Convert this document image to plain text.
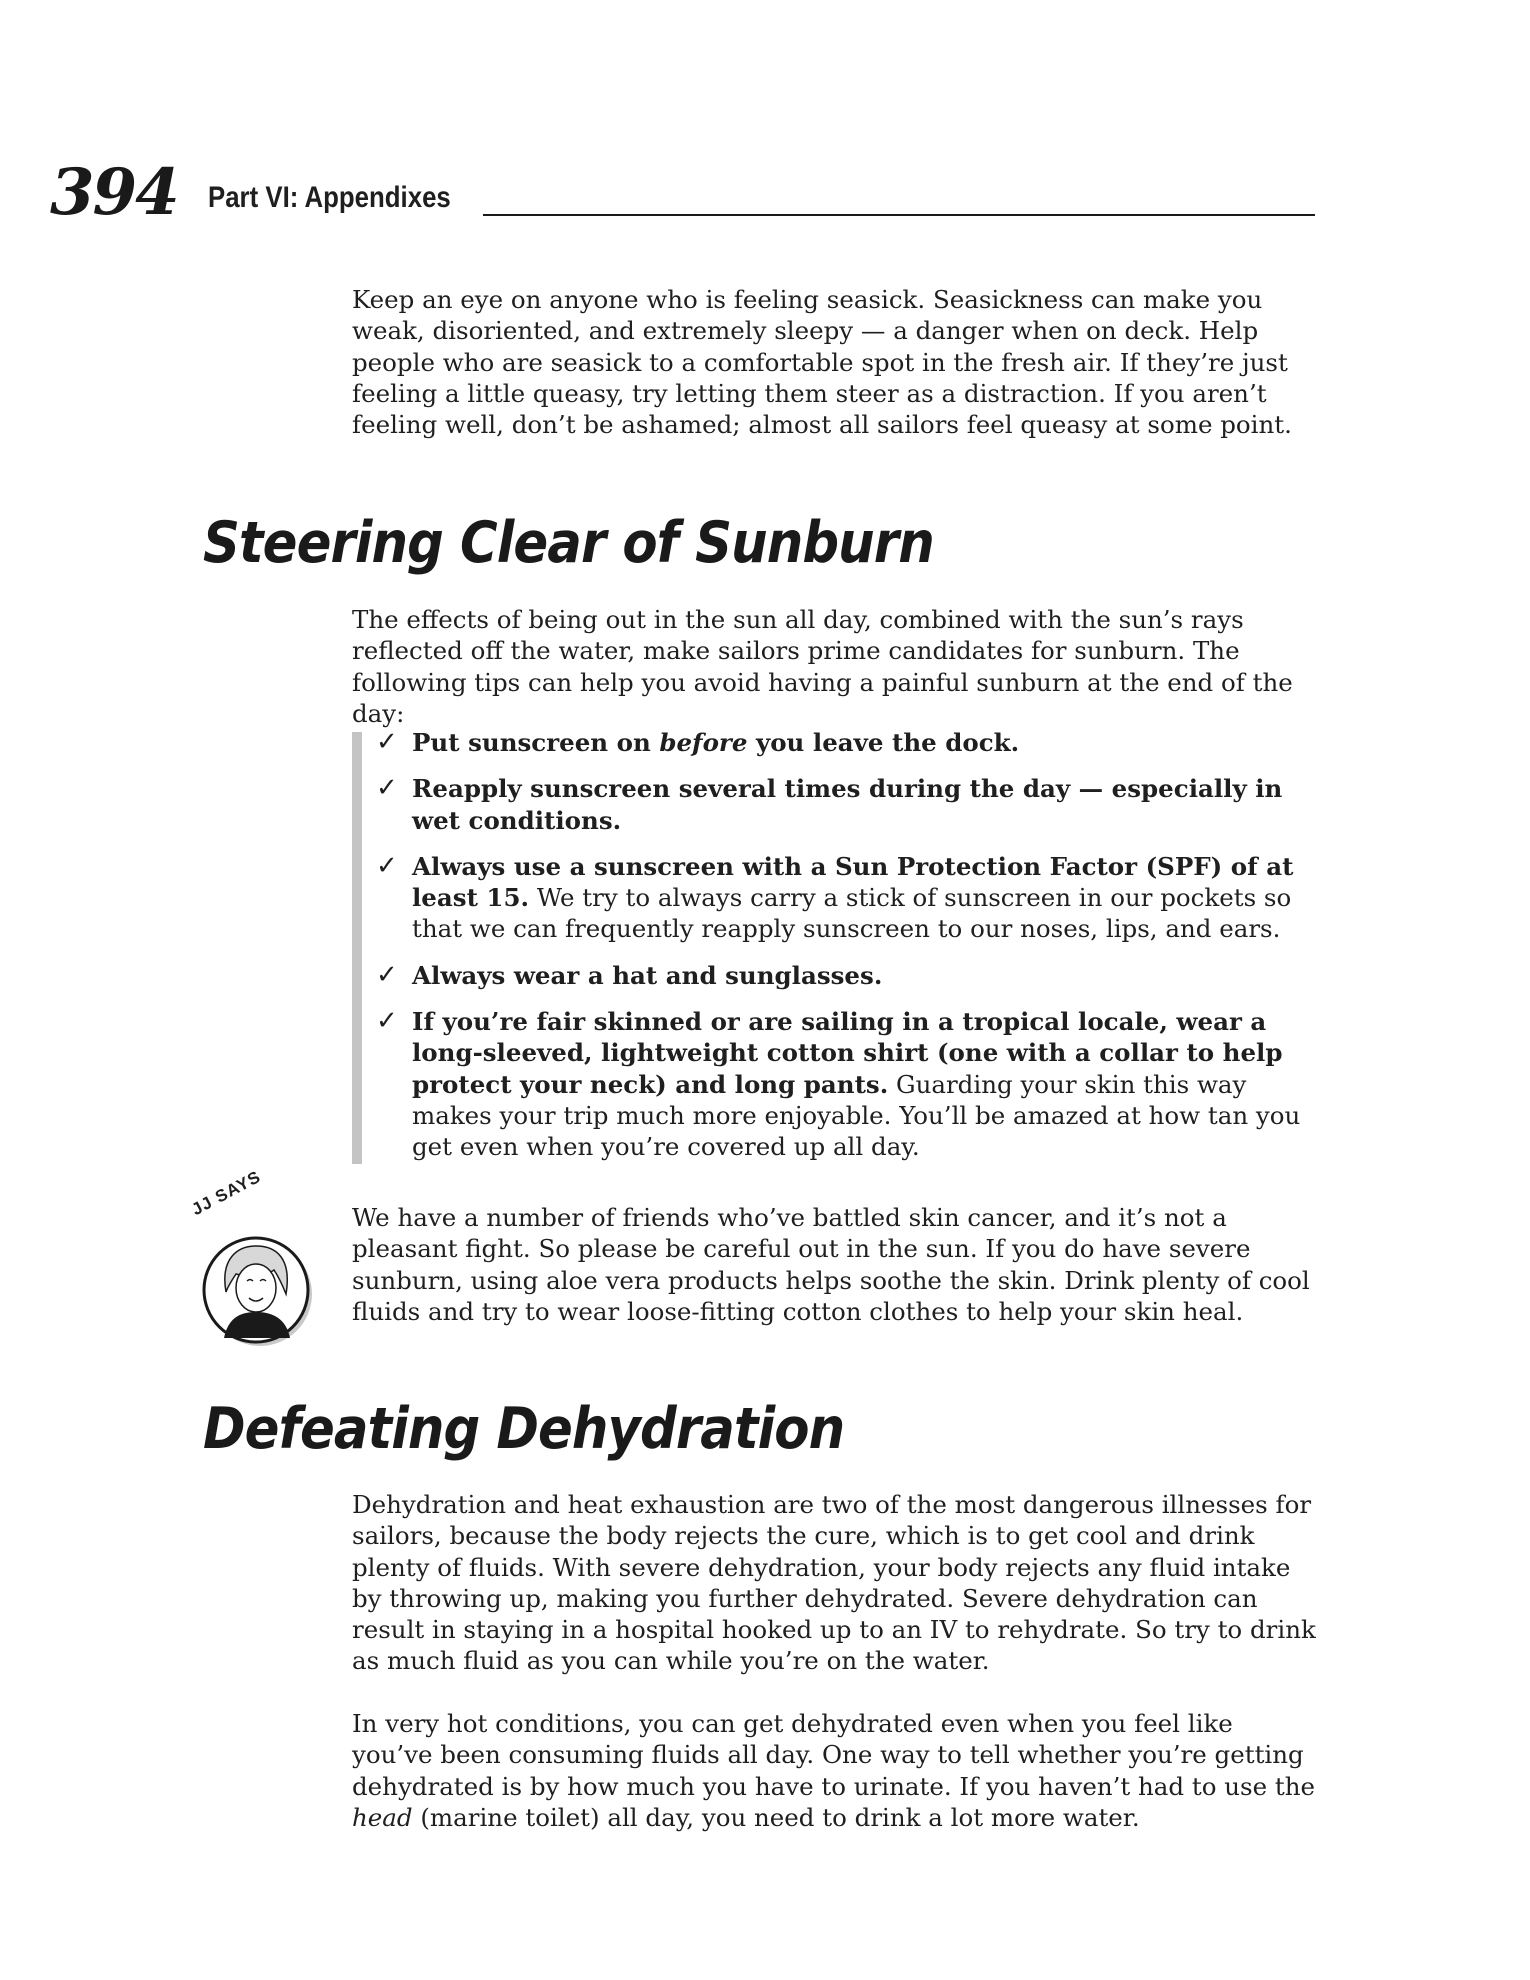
394 Part VI: Appendixes

Keep an eye on anyone who is feeling seasick. Seasickness can make you weak, disoriented, and extremely sleepy — a danger when on deck. Help people who are seasick to a comfortable spot in the fresh air. If they’re just feeling a little queasy, try letting them steer as a distraction. If you aren’t feeling well, don’t be ashamed; almost all sailors feel queasy at some point.

Steering Clear of Sunburn

The effects of being out in the sun all day, combined with the sun’s rays reflected off the water, make sailors prime candidates for sunburn. The following tips can help you avoid having a painful sunburn at the end of the day:

✓ Put sunscreen on before you leave the dock.
✓ Reapply sunscreen several times during the day — especially in wet conditions.
✓ Always use a sunscreen with a Sun Protection Factor (SPF) of at least 15. We try to always carry a stick of sunscreen in our pockets so that we can frequently reapply sunscreen to our noses, lips, and ears.
✓ Always wear a hat and sunglasses.
✓ If you’re fair skinned or are sailing in a tropical locale, wear a long-sleeved, lightweight cotton shirt (one with a collar to help protect your neck) and long pants. Guarding your skin this way makes your trip much more enjoyable. You’ll be amazed at how tan you get even when you’re covered up all day.
JJ SAYS	We have a number of friends who’ve battled skin cancer, and it’s not a pleasant fight. So please be careful out in the sun. If you do have severe sunburn, using aloe vera products helps soothe the skin. Drink plenty of cool fluids and try to wear loose-fitting cotton clothes to help your skin heal.

Defeating Dehydration

Dehydration and heat exhaustion are two of the most dangerous illnesses for sailors, because the body rejects the cure, which is to get cool and drink plenty of fluids. With severe dehydration, your body rejects any fluid intake by throwing up, making you further dehydrated. Severe dehydration can result in staying in a hospital hooked up to an IV to rehydrate. So try to drink as much fluid as you can while you’re on the water.

In very hot conditions, you can get dehydrated even when you feel like you’ve been consuming fluids all day. One way to tell whether you’re getting dehydrated is by how much you have to urinate. If you haven’t had to use the head (marine toilet) all day, you need to drink a lot more water.
